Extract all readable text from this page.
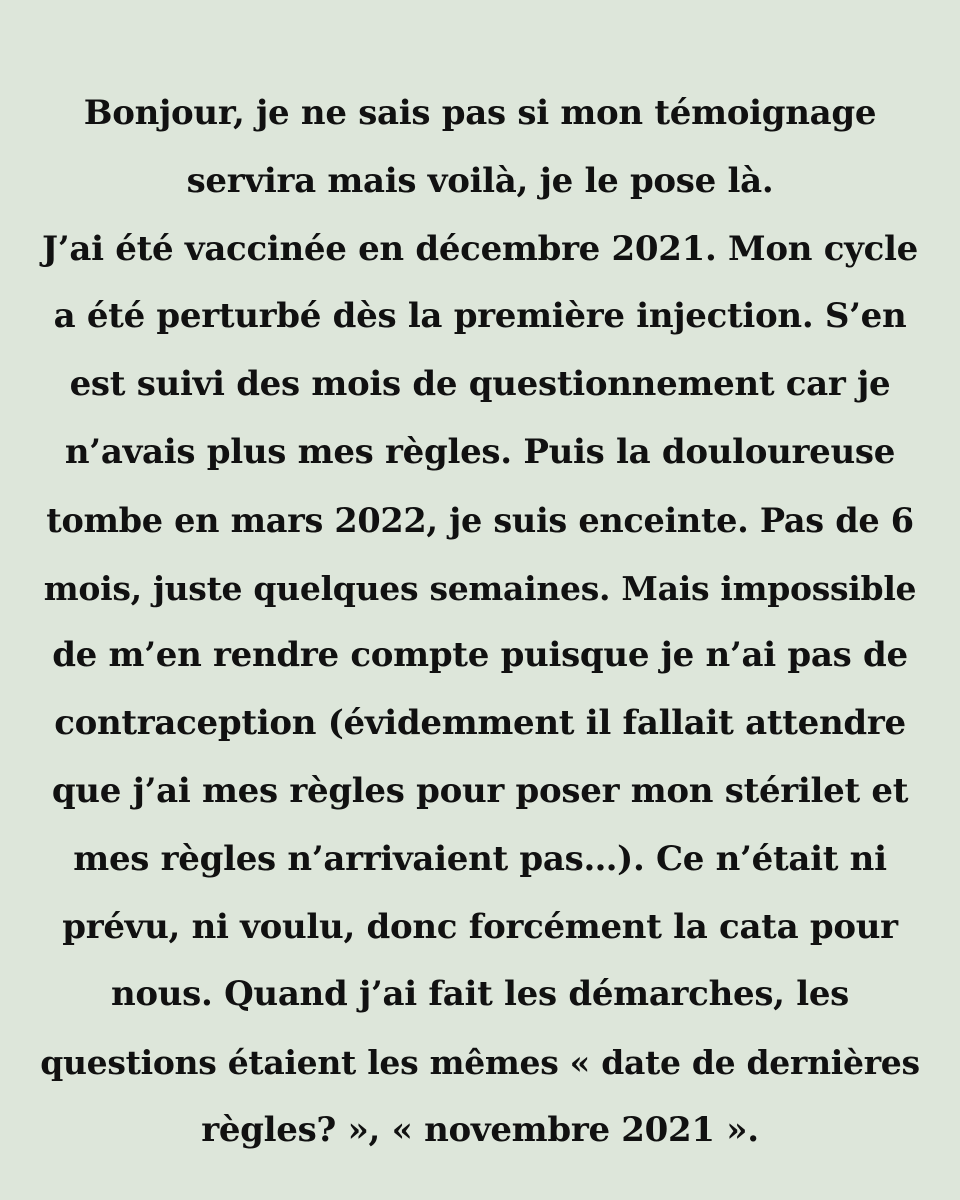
Bonjour, je ne sais pas si mon témoignage
servira mais voilà, je le pose là.
J’ai été vaccinée en décembre 2021. Mon cycle
a été perturbé dès la première injection. S’en
est suivi des mois de questionnement car je
n’avais plus mes règles. Puis la douloureuse
tombe en mars 2022, je suis enceinte. Pas de 6
mois, juste quelques semaines. Mais impossible
de m’en rendre compte puisque je n’ai pas de
contraception (évidemment il fallait attendre
que j’ai mes règles pour poser mon stérilet et
mes règles n’arrivaient pas…). Ce n’était ni
prévu, ni voulu, donc forcément la cata pour
nous. Quand j’ai fait les démarches, les
questions étaient les mêmes « date de dernières
règles? », « novembre 2021 ».
